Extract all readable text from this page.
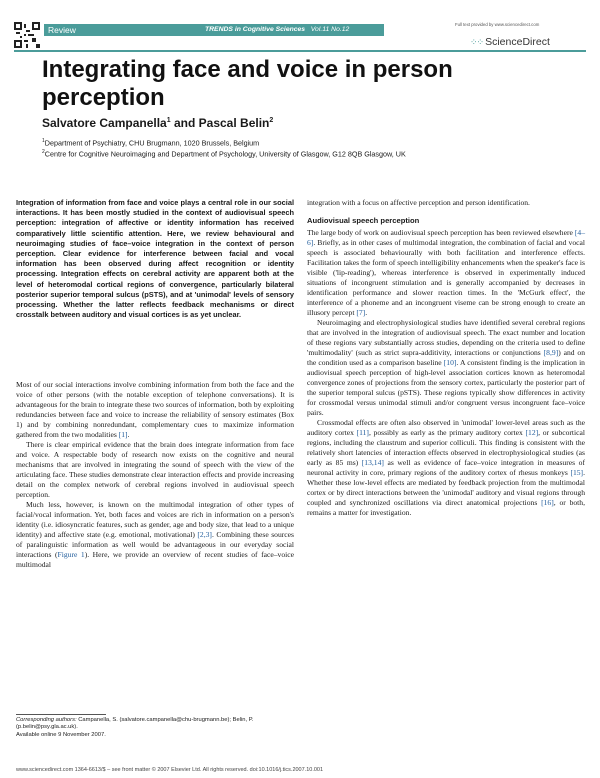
Review	TRENDS in Cognitive Sciences Vol.11 No.12
Full text provided by www.sciencedirect.com
⁘⁘ ScienceDirect
Integrating face and voice in person perception
Salvatore Campanella$^1$ and Pascal Belin$^2$
$^1$Department of Psychiatry, CHU Brugmann, 1020 Brussels, Belgium
$^2$Centre for Cognitive Neuroimaging and Department of Psychology, University of Glasgow, G12 8QB Glasgow, UK
Integration of information from face and voice plays a central role in our social interactions. It has been mostly studied in the context of audiovisual speech perception: integration of affective or identity information has received comparatively little scientific attention. Here, we review behavioural and neuroimaging studies of face–voice integration in the context of person perception. Clear evidence for interference between facial and vocal information has been observed during affect recognition or identity processing. Integration effects on cerebral activity are apparent both at the level of heteromodal cortical regions of convergence, particularly bilateral posterior superior temporal sulcus (pSTS), and at 'unimodal' levels of sensory processing. Whether the latter reflects feedback mechanisms or direct crosstalk between auditory and visual cortices is as yet unclear.

Most of our social interactions involve combining information from both the face and the voice of other persons (with the notable exception of telephone conversations). It is advantageous for the brain to integrate these two sources of information, both by exploiting redundancies between face and voice to increase the reliability of sensory estimates (Box 1) and by combining nonredundant, complementary cues to maximize information gathered from the two modalities [1].

There is clear empirical evidence that the brain does integrate information from face and voice. A respectable body of research now exists on the cognitive and neural mechanisms that are involved in integrating the sound of speech with the view of the articulating face. These studies demonstrate clear interaction effects and provide increasing detail on the complex network of cerebral regions involved in audiovisual speech perception.

Much less, however, is known on the multimodal integration of other types of facial/vocal information. Yet, both faces and voices are rich in information on a person's identity (i.e. idiosyncratic features, such as gender, age and body size, that lead to a unique identity) and affective state (e.g. emotional, motivational) [2,3]. Combining these sources of paralinguistic information as well would be advantageous in our everyday social interactions (Figure 1). Here, we provide an overview of recent studies of face–voice multimodal

Corresponding authors: Campanella, S. (salvatore.campanella@chu-brugmann.be); Belin, P. (p.belin@psy.gla.ac.uk).
Available online 9 November 2007.

integration with a focus on affective perception and person identification.

Audiovisual speech perception

The large body of work on audiovisual speech perception has been reviewed elsewhere [4–6]. Briefly, as in other cases of multimodal integration, the combination of facial and vocal speech is associated behaviourally with both facilitation and interference effects. Facilitation takes the form of speech intelligibility enhancements when the speaker's face is visible ('lip-reading'), whereas interference is observed in experimentally induced situations of incongruent stimulation and is generally accompanied by decreases in identification performance and slower reaction times. In the 'McGurk effect', the interference of a phoneme and an incongruent viseme can be strong enough to create an illusory percept [7].

Neuroimaging and electrophysiological studies have identified several cerebral regions that are involved in the integration of audiovisual speech. The exact number and location of these regions vary substantially across studies, depending on the criteria used to define 'multimodality' (such as strict supra-additivity, interactions or conjunctions [8,9]) and on the condition used as a comparison baseline [10]. A consistent finding is the implication in audiovisual speech perception of high-level association cortices known as heteromodal convergence zones of projections from the sensory cortex, particularly the posterior part of the superior temporal sulcus (pSTS). These regions typically show differences in activity for crossmodal versus unimodal stimuli and/or congruent versus incongruent face–voice pairs.

Crossmodal effects are often also observed in 'unimodal' lower-level areas such as the auditory cortex [11], possibly as early as the primary auditory cortex [12], or subcortical regions, including the claustrum and superior colliculi. This finding is consistent with the relatively short latencies of interaction effects observed in electrophysiological studies (as early as 85 ms) [13,14] as well as evidence of face–voice integration in measures of neuronal activity in core, primary regions of the auditory cortex of rhesus monkeys [15]. Whether these low-level effects are mediated by feedback projection from the multimodal cortex or by direct interactions between the 'unimodal' auditory and visual regions through coupled and synchronized oscillations via direct anatomical projections [16], or both, remains a matter for investigation.

www.sciencedirect.com 1364-6613/$ – see front matter © 2007 Elsevier Ltd. All rights reserved. doi:10.1016/j.tics.2007.10.001
